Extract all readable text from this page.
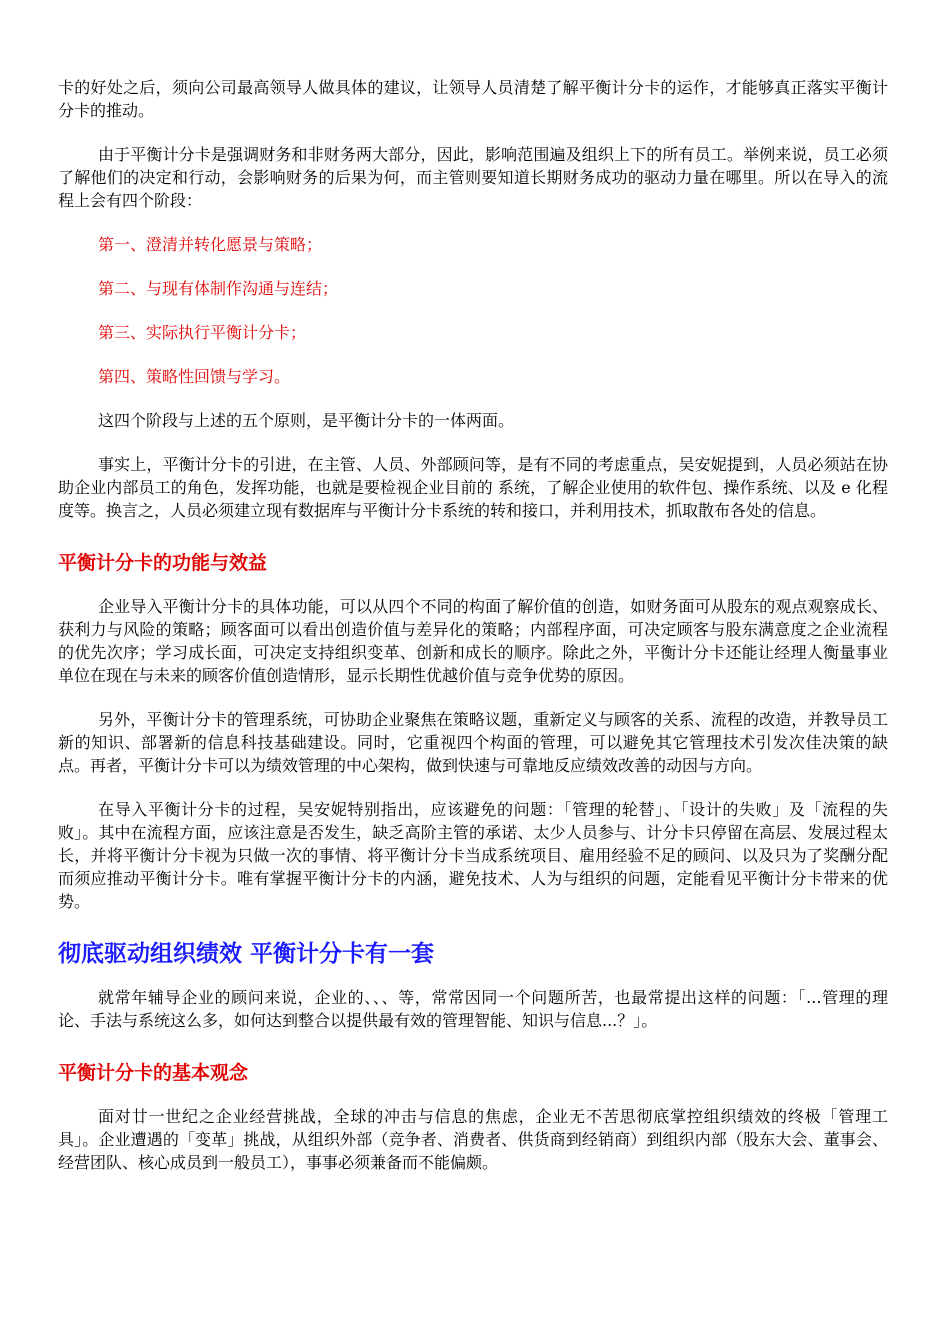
卡的好处之后，须向公司最高领导人做具体的建议，让领导人员清楚了解平衡计分卡的运作，才能够真正落实平衡计分卡的推动。

由于平衡计分卡是强调财务和非财务两大部分，因此，影响范围遍及组织上下的所有员工。举例来说，员工必须了解他们的决定和行动，会影响财务的后果为何，而主管则要知道长期财务成功的驱动力量在哪里。所以在导入的流程上会有四个阶段：

第一、澄清并转化愿景与策略；

第二、与现有体制作沟通与连结；

第三、实际执行平衡计分卡；

第四、策略性回馈与学习。

这四个阶段与上述的五个原则，是平衡计分卡的一体两面。

事实上，平衡计分卡的引进，在主管、人员、外部顾问等，是有不同的考虑重点，吴安妮提到，人员必须站在协助企业内部员工的角色，发挥功能，也就是要检视企业目前的 系统，了解企业使用的软件包、操作系统、以及 e 化程度等。换言之，人员必须建立现有数据库与平衡计分卡系统的转和接口，并利用技术，抓取散布各处的信息。

平衡计分卡的功能与效益

企业导入平衡计分卡的具体功能，可以从四个不同的构面了解价值的创造，如财务面可从股东的观点观察成长、获利力与风险的策略；顾客面可以看出创造价值与差异化的策略；内部程序面，可决定顾客与股东满意度之企业流程的优先次序；学习成长面，可决定支持组织变革、创新和成长的顺序。除此之外，平衡计分卡还能让经理人衡量事业单位在现在与未来的顾客价值创造情形，显示长期性优越价值与竞争优势的原因。

另外，平衡计分卡的管理系统，可协助企业聚焦在策略议题，重新定义与顾客的关系、流程的改造，并教导员工新的知识、部署新的信息科技基础建设。同时，它重视四个构面的管理，可以避免其它管理技术引发次佳决策的缺点。再者，平衡计分卡可以为绩效管理的中心架构，做到快速与可靠地反应绩效改善的动因与方向。

在导入平衡计分卡的过程，吴安妮特别指出，应该避免的问题：「管理的轮替」、「设计的失败」及「流程的失败」。其中在流程方面，应该注意是否发生，缺乏高阶主管的承诺、太少人员参与、计分卡只停留在高层、发展过程太长，并将平衡计分卡视为只做一次的事情、将平衡计分卡当成系统项目、雇用经验不足的顾问、以及只为了奖酬分配而须应推动平衡计分卡。唯有掌握平衡计分卡的内涵，避免技术、人为与组织的问题，定能看见平衡计分卡带来的优势。

彻底驱动组织绩效 平衡计分卡有一套

就常年辅导企业的顾问来说，企业的、、、等，常常因同一个问题所苦，也最常提出这样的问题：「...管理的理论、手法与系统这么多，如何达到整合以提供最有效的管理智能、知识与信息...？」。

平衡计分卡的基本观念

面对廿一世纪之企业经营挑战，全球的冲击与信息的焦虑，企业无不苦思彻底掌控组织绩效的终极「管理工具」。企业遭遇的「变革」挑战，从组织外部（竞争者、消费者、供货商到经销商）到组织内部（股东大会、董事会、经营团队、核心成员到一般员工），事事必须兼备而不能偏颇。
